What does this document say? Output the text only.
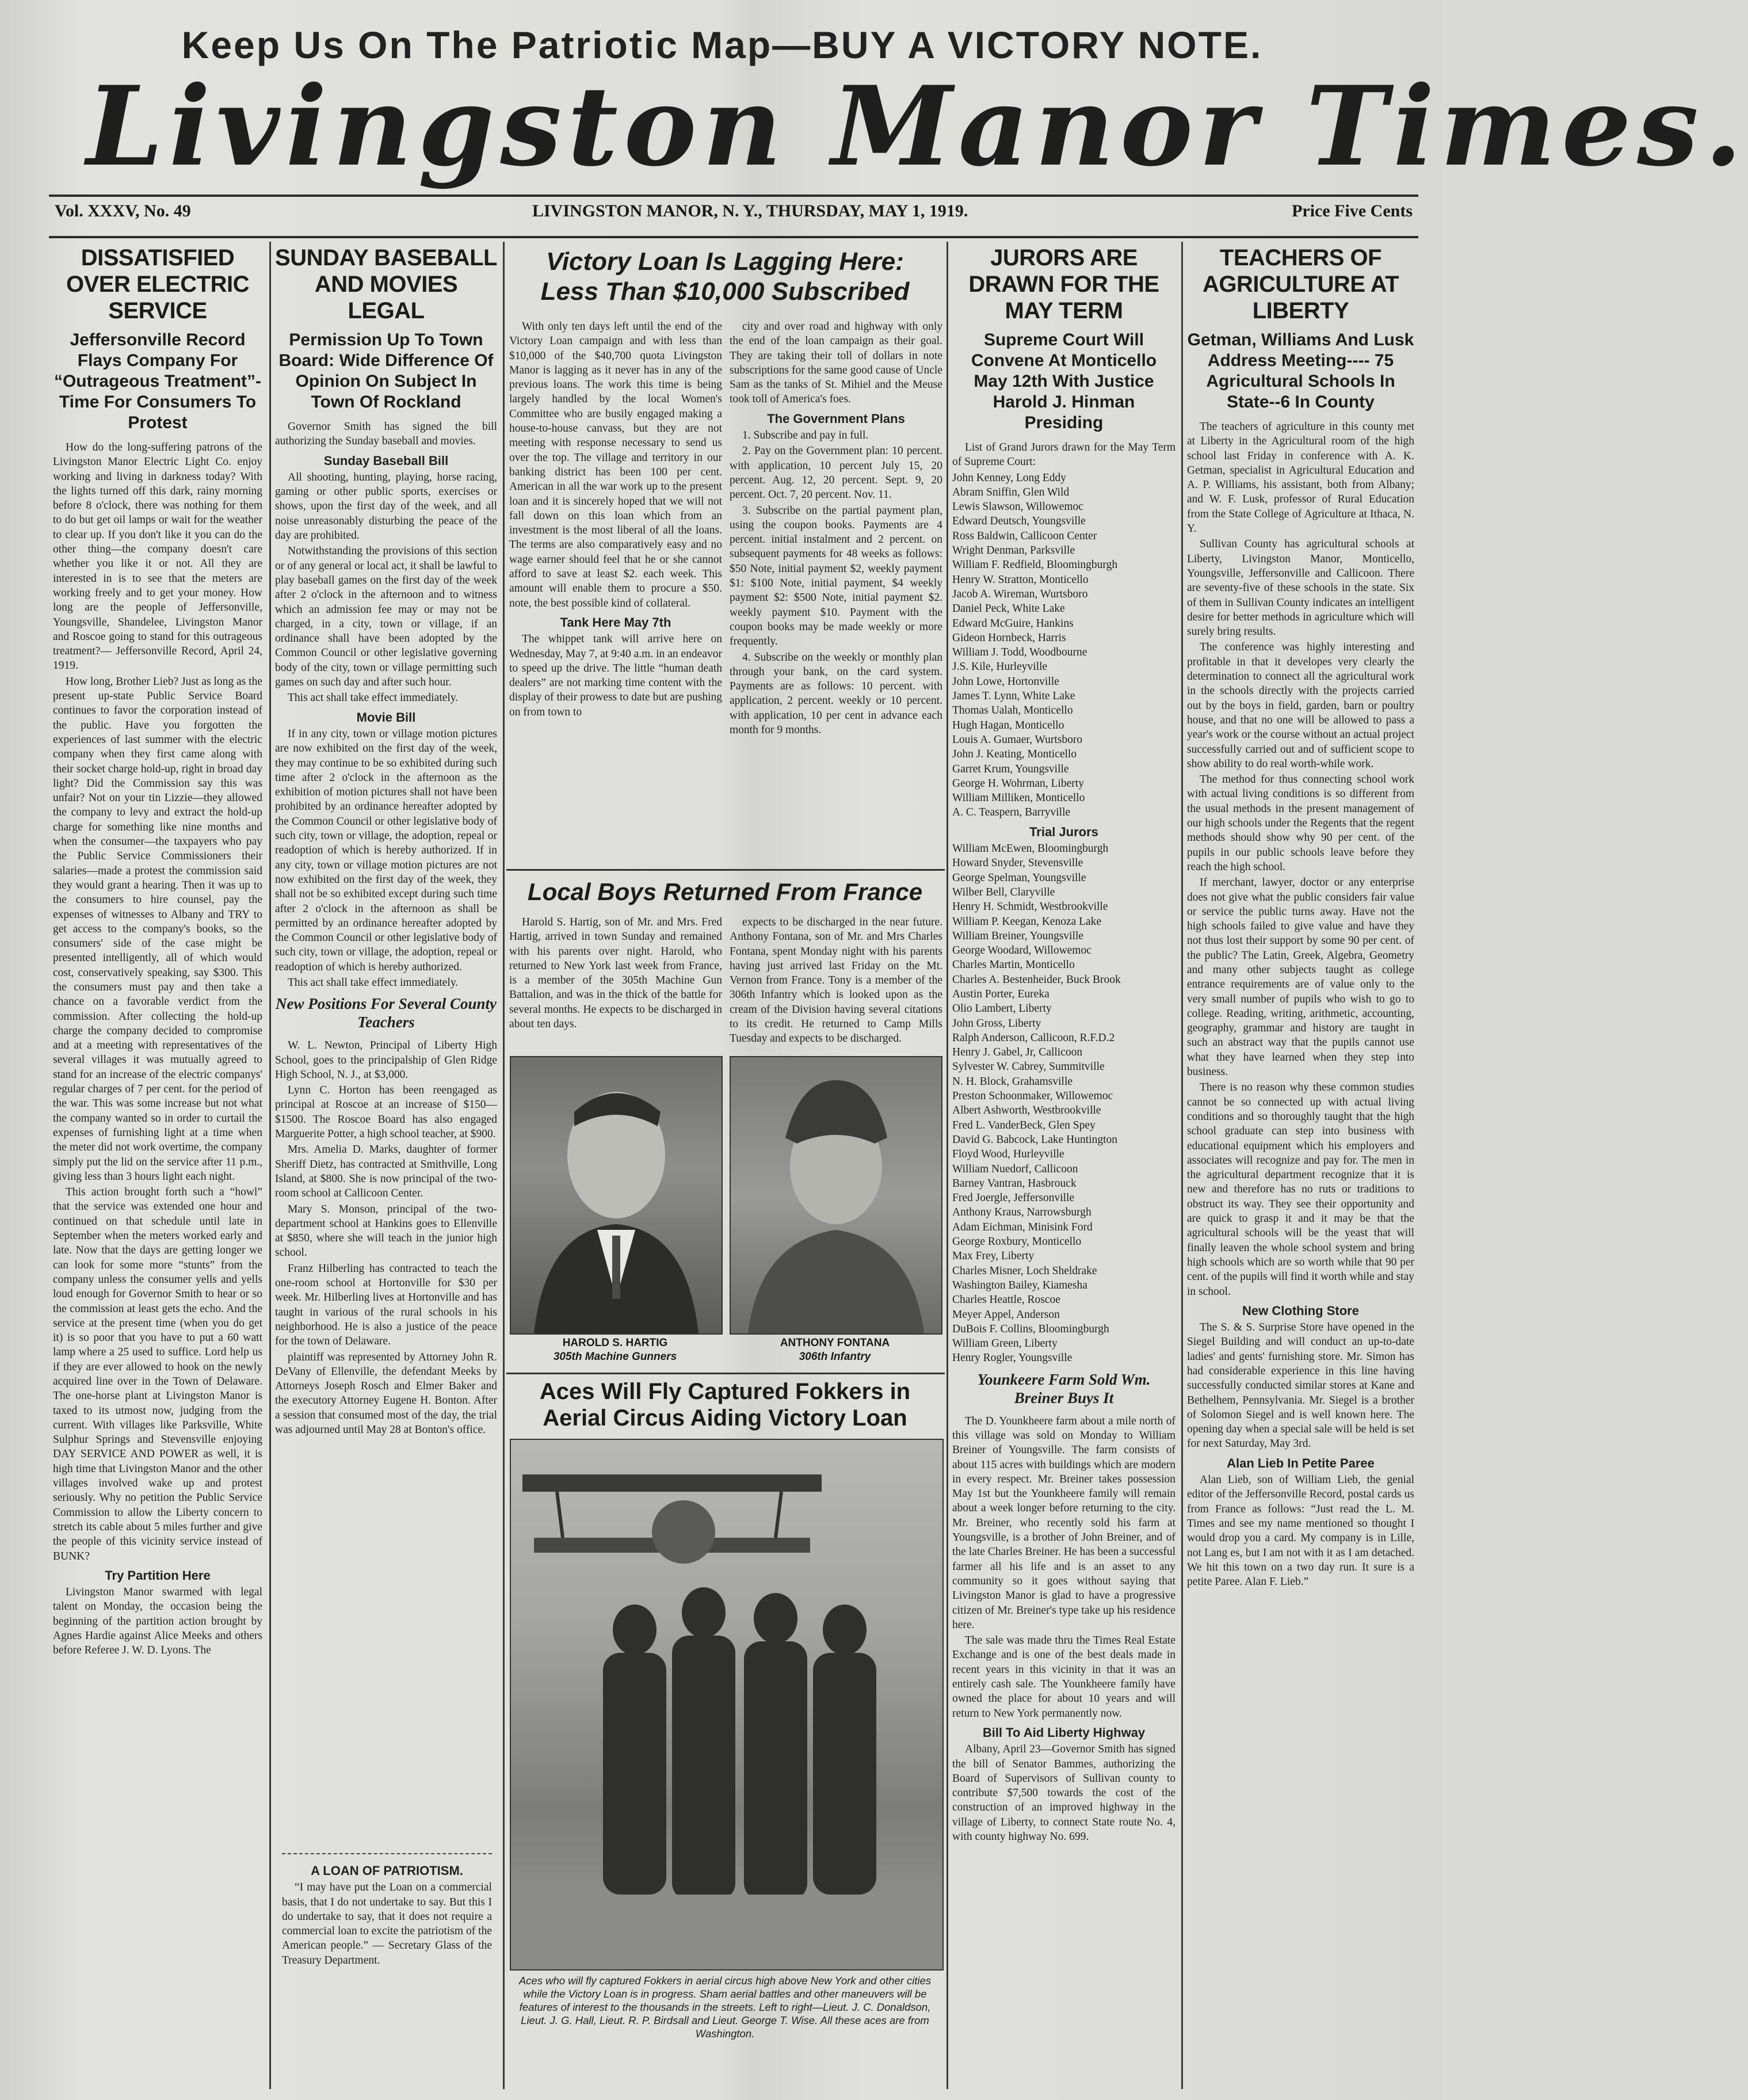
Keep Us On The Patriotic Map—BUY A VICTORY NOTE.
Livingston Manor Times.
Vol. XXXV, No. 49	LIVINGSTON MANOR, N. Y., THURSDAY, MAY 1, 1919.	Price Five Cents
DISSATISFIED OVER ELECTRIC SERVICE
Jeffersonville Record Flays Company For “Outrageous Treatment”-Time For Consumers To Protest

How do the long-suffering patrons of the Livingston Manor Electric Light Co. enjoy working and living in darkness today? With the lights turned off this dark, rainy morning before 8 o'clock, there was nothing for them to do but get oil lamps or wait for the weather to clear up. If you don't like it you can do the other thing—the company doesn't care whether you like it or not. All they are interested in is to see that the meters are working freely and to get your money. How long are the people of Jeffersonville, Youngsville, Shandelee, Livingston Manor and Roscoe going to stand for this outrageous treatment?— Jeffersonville Record, April 24, 1919.

How long, Brother Lieb? Just as long as the present up-state Public Service Board continues to favor the corporation instead of the public. Have you forgotten the experiences of last summer with the electric company when they first came along with their socket charge hold-up, right in broad day light? Did the Commission say this was unfair? Not on your tin Lizzie—they allowed the company to levy and extract the hold-up charge for something like nine months and when the consumer—the taxpayers who pay the Public Service Commissioners their salaries—made a protest the commission said they would grant a hearing. Then it was up to the consumers to hire counsel, pay the expenses of witnesses to Albany and TRY to get access to the company's books, so the consumers' side of the case might be presented intelligently, all of which would cost, conservatively speaking, say $300. This the consumers must pay and then take a chance on a favorable verdict from the commission. After collecting the hold-up charge the company decided to compromise and at a meeting with representatives of the several villages it was mutually agreed to stand for an increase of the electric companys' regular charges of 7 per cent. for the period of the war. This was some increase but not what the company wanted so in order to curtail the expenses of furnishing light at a time when the meter did not work overtime, the company simply put the lid on the service after 11 p.m., giving less than 3 hours light each night.

This action brought forth such a “howl” that the service was extended one hour and continued on that schedule until late in September when the meters worked early and late. Now that the days are getting longer we can look for some more “stunts” from the company unless the consumer yells and yells loud enough for Governor Smith to hear or so the commission at least gets the echo. And the service at the present time (when you do get it) is so poor that you have to put a 60 watt lamp where a 25 used to suffice. Lord help us if they are ever allowed to hook on the newly acquired line over in the Town of Delaware. The one-horse plant at Livingston Manor is taxed to its utmost now, judging from the current. With villages like Parksville, White Sulphur Springs and Stevensville enjoying DAY SERVICE AND POWER as well, it is high time that Livingston Manor and the other villages involved wake up and protest seriously. Why no petition the Public Service Commission to allow the Liberty concern to stretch its cable about 5 miles further and give the people of this vicinity service instead of BUNK?

Try Partition Here

Livingston Manor swarmed with legal talent on Monday, the occasion being the beginning of the partition action brought by Agnes Hardie against Alice Meeks and others before Referee J. W. D. Lyons. The

SUNDAY BASEBALL AND MOVIES LEGAL
Permission Up To Town Board: Wide Difference Of Opinion On Subject In Town Of Rockland

Governor Smith has signed the bill authorizing the Sunday baseball and movies.

Sunday Baseball Bill

All shooting, hunting, playing, horse racing, gaming or other public sports, exercises or shows, upon the first day of the week, and all noise unreasonably disturbing the peace of the day are prohibited.

Notwithstanding the provisions of this section or of any general or local act, it shall be lawful to play baseball games on the first day of the week after 2 o'clock in the afternoon and to witness which an admission fee may or may not be charged, in a city, town or village, if an ordinance shall have been adopted by the Common Council or other legislative governing body of the city, town or village permitting such games on such day and after such hour.

This act shall take effect immediately.

Movie Bill

If in any city, town or village motion pictures are now exhibited on the first day of the week, they may continue to be so exhibited during such time after 2 o'clock in the afternoon as the exhibition of motion pictures shall not have been prohibited by an ordinance hereafter adopted by the Common Council or other legislative body of such city, town or village, the adoption, repeal or readoption of which is hereby authorized. If in any city, town or village motion pictures are not now exhibited on the first day of the week, they shall not be so exhibited except during such time after 2 o'clock in the afternoon as shall be permitted by an ordinance hereafter adopted by the Common Council or other legislative body of such city, town or village, the adoption, repeal or readoption of which is hereby authorized.

This act shall take effect immediately.

New Positions For Several County Teachers

W. L. Newton, Principal of Liberty High School, goes to the principalship of Glen Ridge High School, N. J., at $3,000.

Lynn C. Horton has been reengaged as principal at Roscoe at an increase of $150—$1500. The Roscoe Board has also engaged Marguerite Potter, a high school teacher, at $900.

Mrs. Amelia D. Marks, daughter of former Sheriff Dietz, has contracted at Smithville, Long Island, at $800. She is now principal of the two-room school at Callicoon Center.

Mary S. Monson, principal of the two-department school at Hankins goes to Ellenville at $850, where she will teach in the junior high school.

Franz Hilberling has contracted to teach the one-room school at Hortonville for $30 per week. Mr. Hilberling lives at Hortonville and has taught in various of the rural schools in his neighborhood. He is also a justice of the peace for the town of Delaware.

plaintiff was represented by Attorney John R. DeVany of Ellenville, the defendant Meeks by Attorneys Joseph Rosch and Elmer Baker and the executory Attorney Eugene H. Bonton. After a session that consumed most of the day, the trial was adjourned until May 28 at Bonton's office.

A LOAN OF PATRIOTISM.

“I may have put the Loan on a commercial basis, that I do not undertake to say. But this I do undertake to say, that it does not require a commercial loan to excite the patriotism of the American people.” — Secretary Glass of the Treasury Department.

Victory Loan Is Lagging Here:
Less Than $10,000 Subscribed

With only ten days left until the end of the Victory Loan campaign and with less than $10,000 of the $40,700 quota Livingston Manor is lagging as it never has in any of the previous loans. The work this time is being largely handled by the local Women's Committee who are busily engaged making a house-to-house canvass, but they are not meeting with response necessary to send us over the top. The village and territory in our banking district has been 100 per cent. American in all the war work up to the present loan and it is sincerely hoped that we will not fall down on this loan which from an investment is the most liberal of all the loans. The terms are also comparatively easy and no wage earner should feel that he or she cannot afford to save at least $2. each week. This amount will enable them to procure a $50. note, the best possible kind of collateral.

Tank Here May 7th

The whippet tank will arrive here on Wednesday, May 7, at 9:40 a.m. in an endeavor to speed up the drive. The little “human death dealers” are not marking time content with the display of their prowess to date but are pushing on from town to

city and over road and highway with only the end of the loan campaign as their goal. They are taking their toll of dollars in note subscriptions for the same good cause of Uncle Sam as the tanks of St. Mihiel and the Meuse took toll of America's foes.

The Government Plans

1. Subscribe and pay in full.

2. Pay on the Government plan: 10 percent. with application, 10 percent July 15, 20 percent. Aug. 12, 20 percent. Sept. 9, 20 percent. Oct. 7, 20 percent. Nov. 11.

3. Subscribe on the partial payment plan, using the coupon books. Payments are 4 percent. initial instalment and 2 percent. on subsequent payments for 48 weeks as follows: $50 Note, initial payment $2, weekly payment $1: $100 Note, initial payment, $4 weekly payment $2: $500 Note, initial payment $2. weekly payment $10. Payment with the coupon books may be made weekly or more frequently.

4. Subscribe on the weekly or monthly plan through your bank, on the card system. Payments are as follows: 10 percent. with application, 2 percent. weekly or 10 percent. with application, 10 per cent in advance each month for 9 months.

Local Boys Returned From France

Harold S. Hartig, son of Mr. and Mrs. Fred Hartig, arrived in town Sunday and remained with his parents over night. Harold, who returned to New York last week from France, is a member of the 305th Machine Gun Battalion, and was in the thick of the battle for several months. He expects to be discharged in about ten days.

expects to be discharged in the near future. Anthony Fontana, son of Mr. and Mrs Charles Fontana, spent Monday night with his parents having just arrived last Friday on the Mt. Vernon from France. Tony is a member of the 306th Infantry which is looked upon as the cream of the Division having several citations to its credit. He returned to Camp Mills Tuesday and expects to be discharged.

HAROLD S. HARTIG
305th Machine Gunners
ANTHONY FONTANA
306th Infantry
Aces Will Fly Captured Fokkers in
Aerial Circus Aiding Victory Loan
Aces who will fly captured Fokkers in aerial circus high above New York and other cities while the Victory Loan is in progress. Sham aerial battles and other maneuvers will be features of interest to the thousands in the streets. Left to right—Lieut. J. C. Donaldson, Lieut. J. G. Hall, Lieut. R. P. Birdsall and Lieut. George T. Wise. All these aces are from Washington.
JURORS ARE DRAWN FOR THE MAY TERM
Supreme Court Will Convene At Monticello May 12th With Justice Harold J. Hinman Presiding

List of Grand Jurors drawn for the May Term of Supreme Court:

John Kenney, Long Eddy
Abram Sniffin, Glen Wild
Lewis Slawson, Willowemoc
Edward Deutsch, Youngsville
Ross Baldwin, Callicoon Center
Wright Denman, Parksville
William F. Redfield, Bloomingburgh
Henry W. Stratton, Monticello
Jacob A. Wireman, Wurtsboro
Daniel Peck, White Lake
Edward McGuire, Hankins
Gideon Hornbeck, Harris
William J. Todd, Woodbourne
J.S. Kile, Hurleyville
John Lowe, Hortonville
James T. Lynn, White Lake
Thomas Ualah, Monticello
Hugh Hagan, Monticello
Louis A. Gumaer, Wurtsboro
John J. Keating, Monticello
Garret Krum, Youngsville
George H. Wohrman, Liberty
William Milliken, Monticello
A. C. Teaspern, Barryville
Trial Jurors
William McEwen, Bloomingburgh
Howard Snyder, Stevensville
George Spelman, Youngsville
Wilber Bell, Claryville
Henry H. Schmidt, Westbrookville
William P. Keegan, Kenoza Lake
William Breiner, Youngsville
George Woodard, Willowemoc
Charles Martin, Monticello
Charles A. Bestenheider, Buck Brook
Austin Porter, Eureka
Olio Lambert, Liberty
John Gross, Liberty
Ralph Anderson, Callicoon, R.F.D.2
Henry J. Gabel, Jr, Callicoon
Sylvester W. Cabrey, Summitville
N. H. Block, Grahamsville
Preston Schoonmaker, Willowemoc
Albert Ashworth, Westbrookville
Fred L. VanderBeck, Glen Spey
David G. Babcock, Lake Huntington
Floyd Wood, Hurleyville
William Nuedorf, Callicoon
Barney Vantran, Hasbrouck
Fred Joergle, Jeffersonville
Anthony Kraus, Narrowsburgh
Adam Eichman, Minisink Ford
George Roxbury, Monticello
Max Frey, Liberty
Charles Misner, Loch Sheldrake
Washington Bailey, Kiamesha
Charles Heattle, Roscoe
Meyer Appel, Anderson
DuBois F. Collins, Bloomingburgh
William Green, Liberty
Henry Rogler, Youngsville
Younkeere Farm Sold Wm. Breiner Buys It

The D. Younkheere farm about a mile north of this village was sold on Monday to William Breiner of Youngsville. The farm consists of about 115 acres with buildings which are modern in every respect. Mr. Breiner takes possession May 1st but the Younkheere family will remain about a week longer before returning to the city. Mr. Breiner, who recently sold his farm at Youngsville, is a brother of John Breiner, and of the late Charles Breiner. He has been a successful farmer all his life and is an asset to any community so it goes without saying that Livingston Manor is glad to have a progressive citizen of Mr. Breiner's type take up his residence here.

The sale was made thru the Times Real Estate Exchange and is one of the best deals made in recent years in this vicinity in that it was an entirely cash sale. The Younkheere family have owned the place for about 10 years and will return to New York permanently now.

Bill To Aid Liberty Highway

Albany, April 23—Governor Smith has signed the bill of Senator Bammes, authorizing the Board of Supervisors of Sullivan county to contribute $7,500 towards the cost of the construction of an improved highway in the village of Liberty, to connect State route No. 4, with county highway No. 699.

TEACHERS OF AGRICULTURE AT LIBERTY
Getman, Williams And Lusk Address Meeting---- 75 Agricultural Schools In State--6 In County

The teachers of agriculture in this county met at Liberty in the Agricultural room of the high school last Friday in conference with A. K. Getman, specialist in Agricultural Education and A. P. Williams, his assistant, both from Albany; and W. F. Lusk, professor of Rural Education from the State College of Agriculture at Ithaca, N. Y.

Sullivan County has agricultural schools at Liberty, Livingston Manor, Monticello, Youngsville, Jeffersonville and Callicoon. There are seventy-five of these schools in the state. Six of them in Sullivan County indicates an intelligent desire for better methods in agriculture which will surely bring results.

The conference was highly interesting and profitable in that it developes very clearly the determination to connect all the agricultural work in the schools directly with the projects carried out by the boys in field, garden, barn or poultry house, and that no one will be allowed to pass a year's work or the course without an actual project successfully carried out and of sufficient scope to show ability to do real worth-while work.

The method for thus connecting school work with actual living conditions is so different from the usual methods in the present management of our high schools under the Regents that the regent methods should show why 90 per cent. of the pupils in our public schools leave before they reach the high school.

If merchant, lawyer, doctor or any enterprise does not give what the public considers fair value or service the public turns away. Have not the high schools failed to give value and have they not thus lost their support by some 90 per cent. of the public? The Latin, Greek, Algebra, Geometry and many other subjects taught as college entrance requirements are of value only to the very small number of pupils who wish to go to college. Reading, writing, arithmetic, accounting, geography, grammar and history are taught in such an abstract way that the pupils cannot use what they have learned when they step into business.

There is no reason why these common studies cannot be so connected up with actual living conditions and so thoroughly taught that the high school graduate can step into business with educational equipment which his employers and associates will recognize and pay for. The men in the agricultural department recognize that it is new and therefore has no ruts or traditions to obstruct its way. They see their opportunity and are quick to grasp it and it may be that the agricultural schools will be the yeast that will finally leaven the whole school system and bring high schools which are so worth while that 90 per cent. of the pupils will find it worth while and stay in school.

New Clothing Store

The S. & S. Surprise Store have opened in the Siegel Building and will conduct an up-to-date ladies' and gents' furnishing store. Mr. Simon has had considerable experience in this line having successfully conducted similar stores at Kane and Bethelhem, Pennsylvania. Mr. Siegel is a brother of Solomon Siegel and is well known here. The opening day when a special sale will be held is set for next Saturday, May 3rd.

Alan Lieb In Petite Paree

Alan Lieb, son of William Lieb, the genial editor of the Jeffersonville Record, postal cards us from France as follows: “Just read the L. M. Times and see my name mentioned so thought I would drop you a card. My company is in Lille, not Lang es, but I am not with it as I am detached. We hit this town on a two day run. It sure is a petite Paree. Alan F. Lieb.”
